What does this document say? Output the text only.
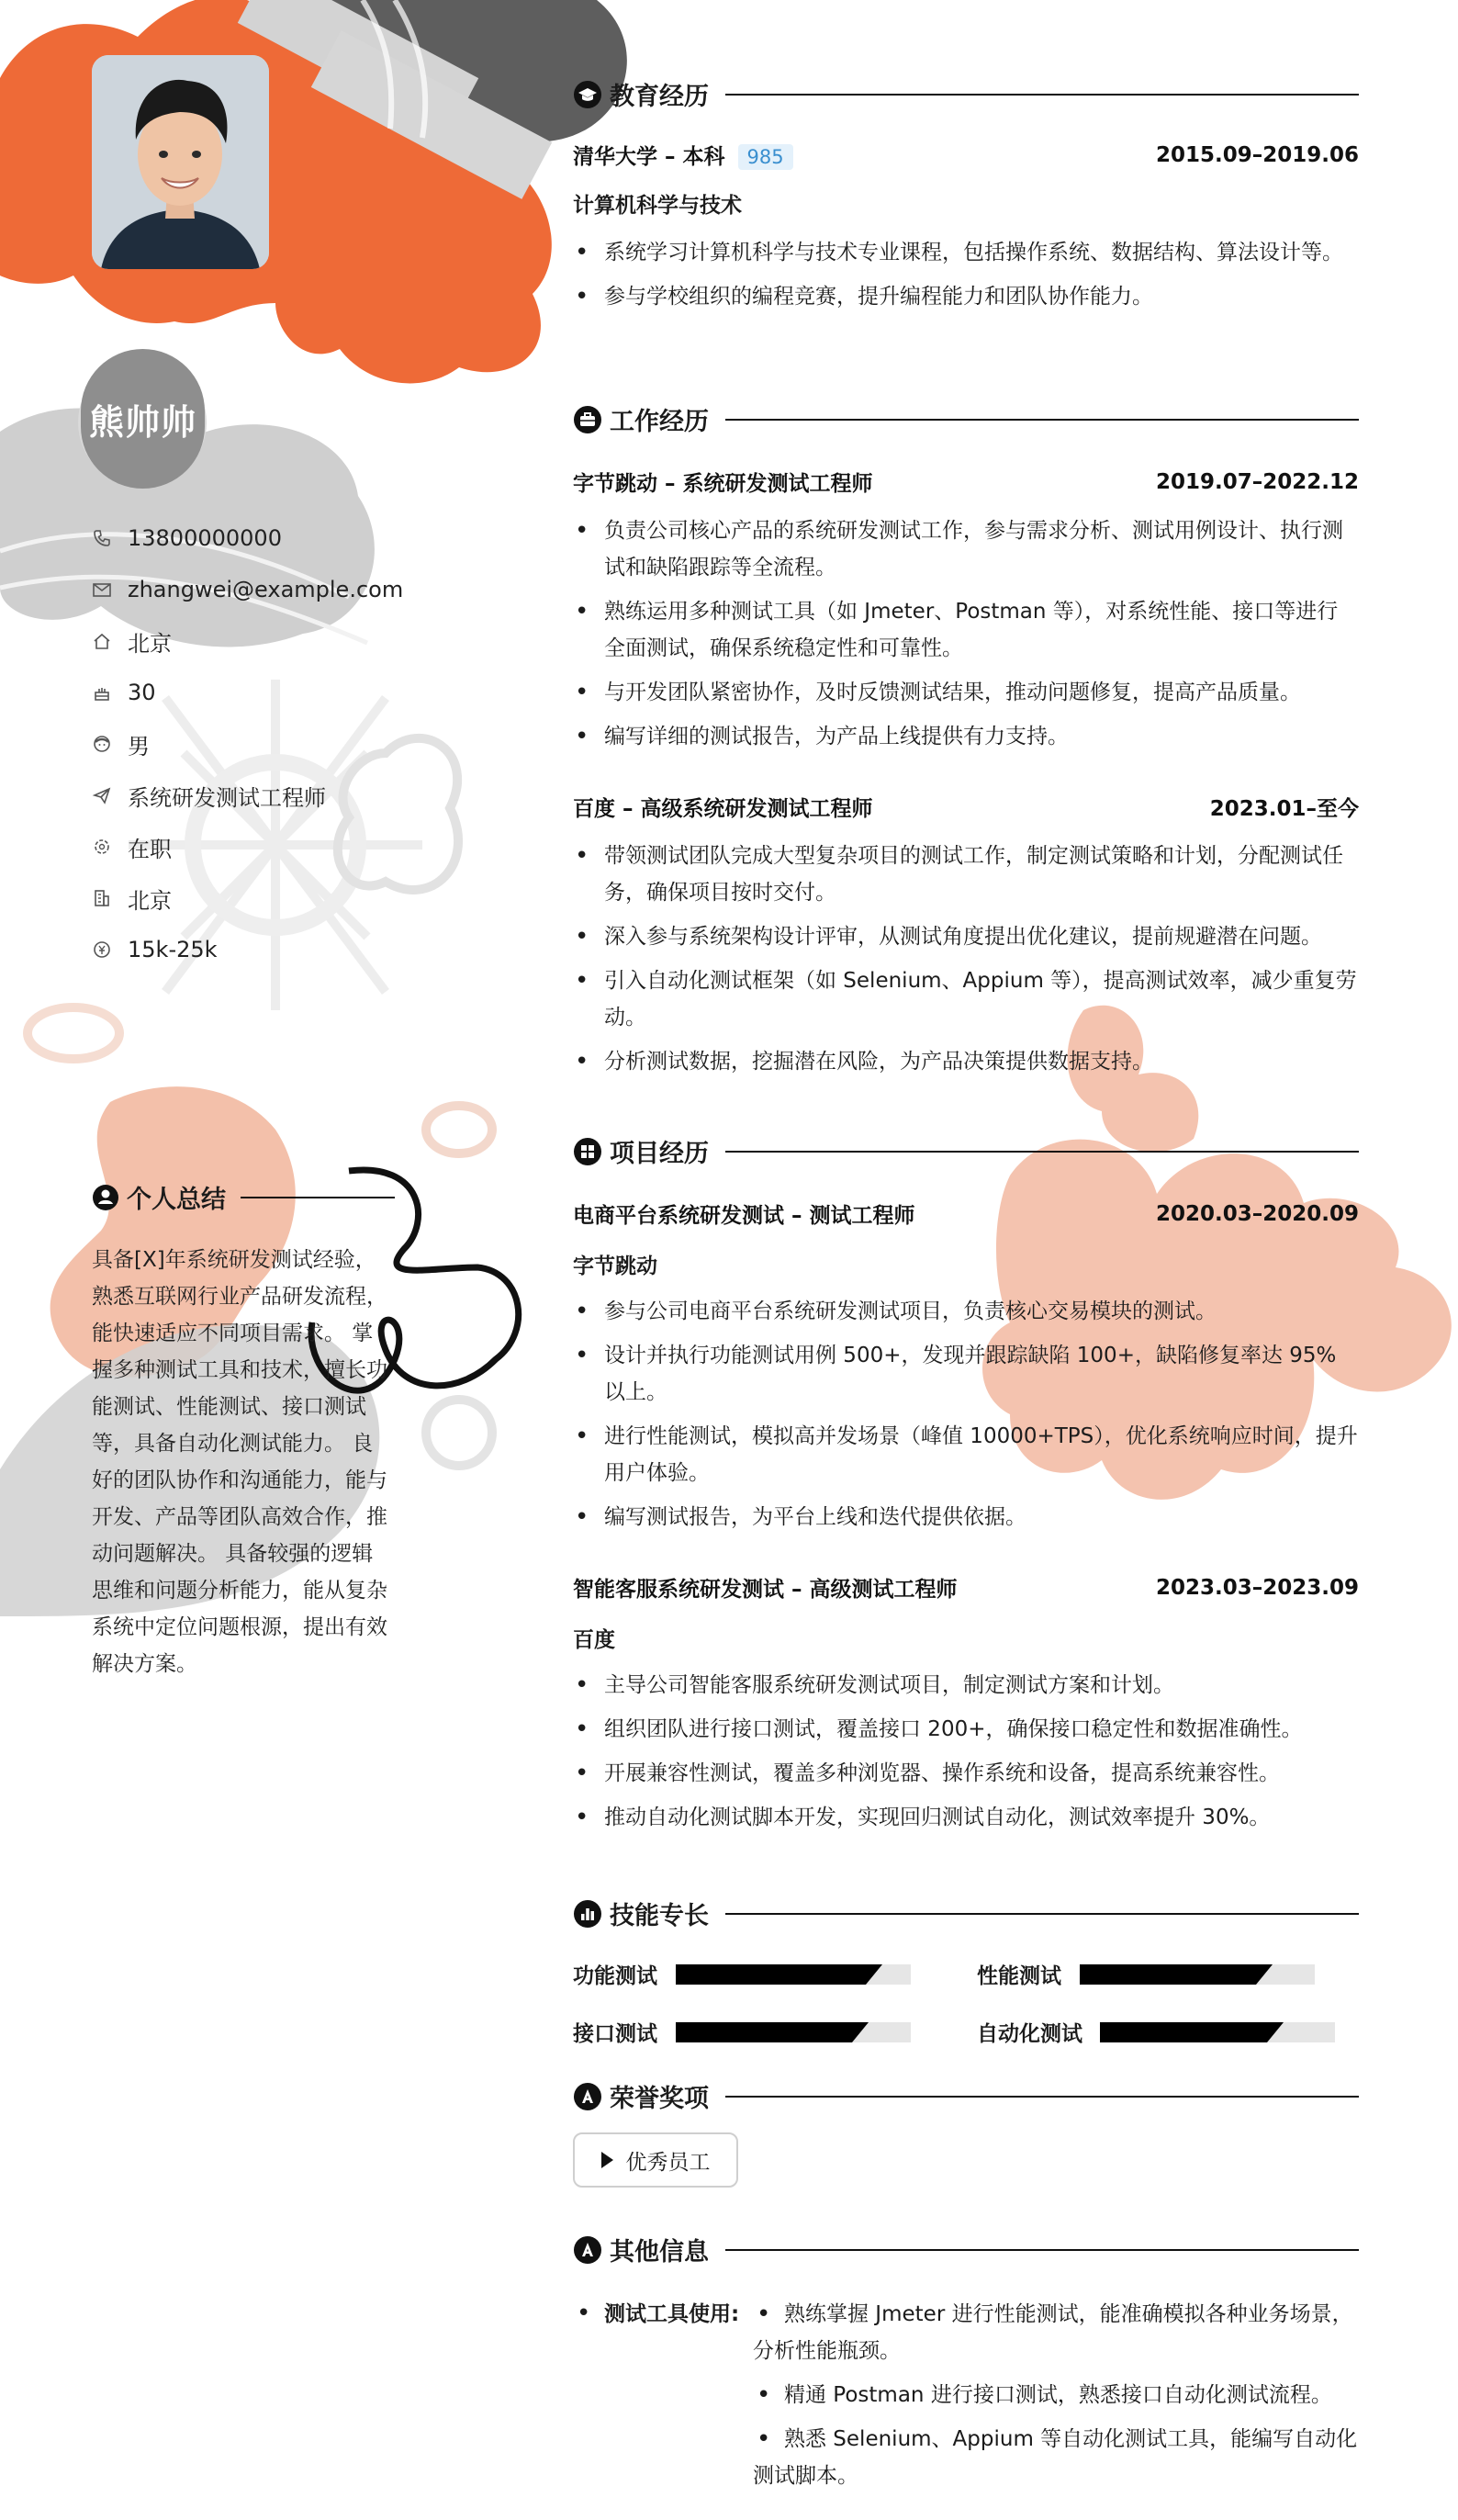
熊帅帅
13800000000
zhangwei@example.com
北京
30
男
系统研发测试工程师
在职
北京
15k-25k
个人总结
具备[X]年系统研发测试经验，熟悉互联网行业产品研发流程，能快速适应不同项目需求。 掌握多种测试工具和技术，擅长功能测试、性能测试、接口测试等，具备自动化测试能力。 良好的团队协作和沟通能力，能与开发、产品等团队高效合作，推动问题解决。 具备较强的逻辑思维和问题分析能力，能从复杂系统中定位问题根源，提出有效解决方案。
教育经历
清华大学 – 本科 985	2015.09–2019.06
计算机科学与技术
• 系统学习计算机科学与技术专业课程，包括操作系统、数据结构、算法设计等。
• 参与学校组织的编程竞赛，提升编程能力和团队协作能力。
工作经历
字节跳动 – 系统研发测试工程师	2019.07–2022.12
• 负责公司核心产品的系统研发测试工作，参与需求分析、测试用例设计、执行测试和缺陷跟踪等全流程。
• 熟练运用多种测试工具（如 Jmeter、Postman 等），对系统性能、接口等进行全面测试，确保系统稳定性和可靠性。
• 与开发团队紧密协作，及时反馈测试结果，推动问题修复，提高产品质量。
• 编写详细的测试报告，为产品上线提供有力支持。
百度 – 高级系统研发测试工程师	2023.01–至今
• 带领测试团队完成大型复杂项目的测试工作，制定测试策略和计划，分配测试任务，确保项目按时交付。
• 深入参与系统架构设计评审，从测试角度提出优化建议，提前规避潜在问题。
• 引入自动化测试框架（如 Selenium、Appium 等），提高测试效率，减少重复劳动。
• 分析测试数据，挖掘潜在风险，为产品决策提供数据支持。
项目经历
电商平台系统研发测试 – 测试工程师	2020.03–2020.09
字节跳动
• 参与公司电商平台系统研发测试项目，负责核心交易模块的测试。
• 设计并执行功能测试用例 500+，发现并跟踪缺陷 100+，缺陷修复率达 95% 以上。
• 进行性能测试，模拟高并发场景（峰值 10000+TPS），优化系统响应时间，提升用户体验。
• 编写测试报告，为平台上线和迭代提供依据。
智能客服系统研发测试 – 高级测试工程师	2023.03–2023.09
百度
• 主导公司智能客服系统研发测试项目，制定测试方案和计划。
• 组织团队进行接口测试，覆盖接口 200+，确保接口稳定性和数据准确性。
• 开展兼容性测试，覆盖多种浏览器、操作系统和设备，提高系统兼容性。
• 推动自动化测试脚本开发，实现回归测试自动化，测试效率提升 30%。
技能专长
功能测试	性能测试
接口测试	自动化测试
荣誉奖项
优秀员工
其他信息
• 测试工具使用:
•	熟练掌握 Jmeter 进行性能测试，能准确模拟各种业务场景，分析性能瓶颈。
• 精通 Postman 进行接口测试，熟悉接口自动化测试流程。
• 熟悉 Selenium、Appium 等自动化测试工具，能编写自动化测试脚本。
